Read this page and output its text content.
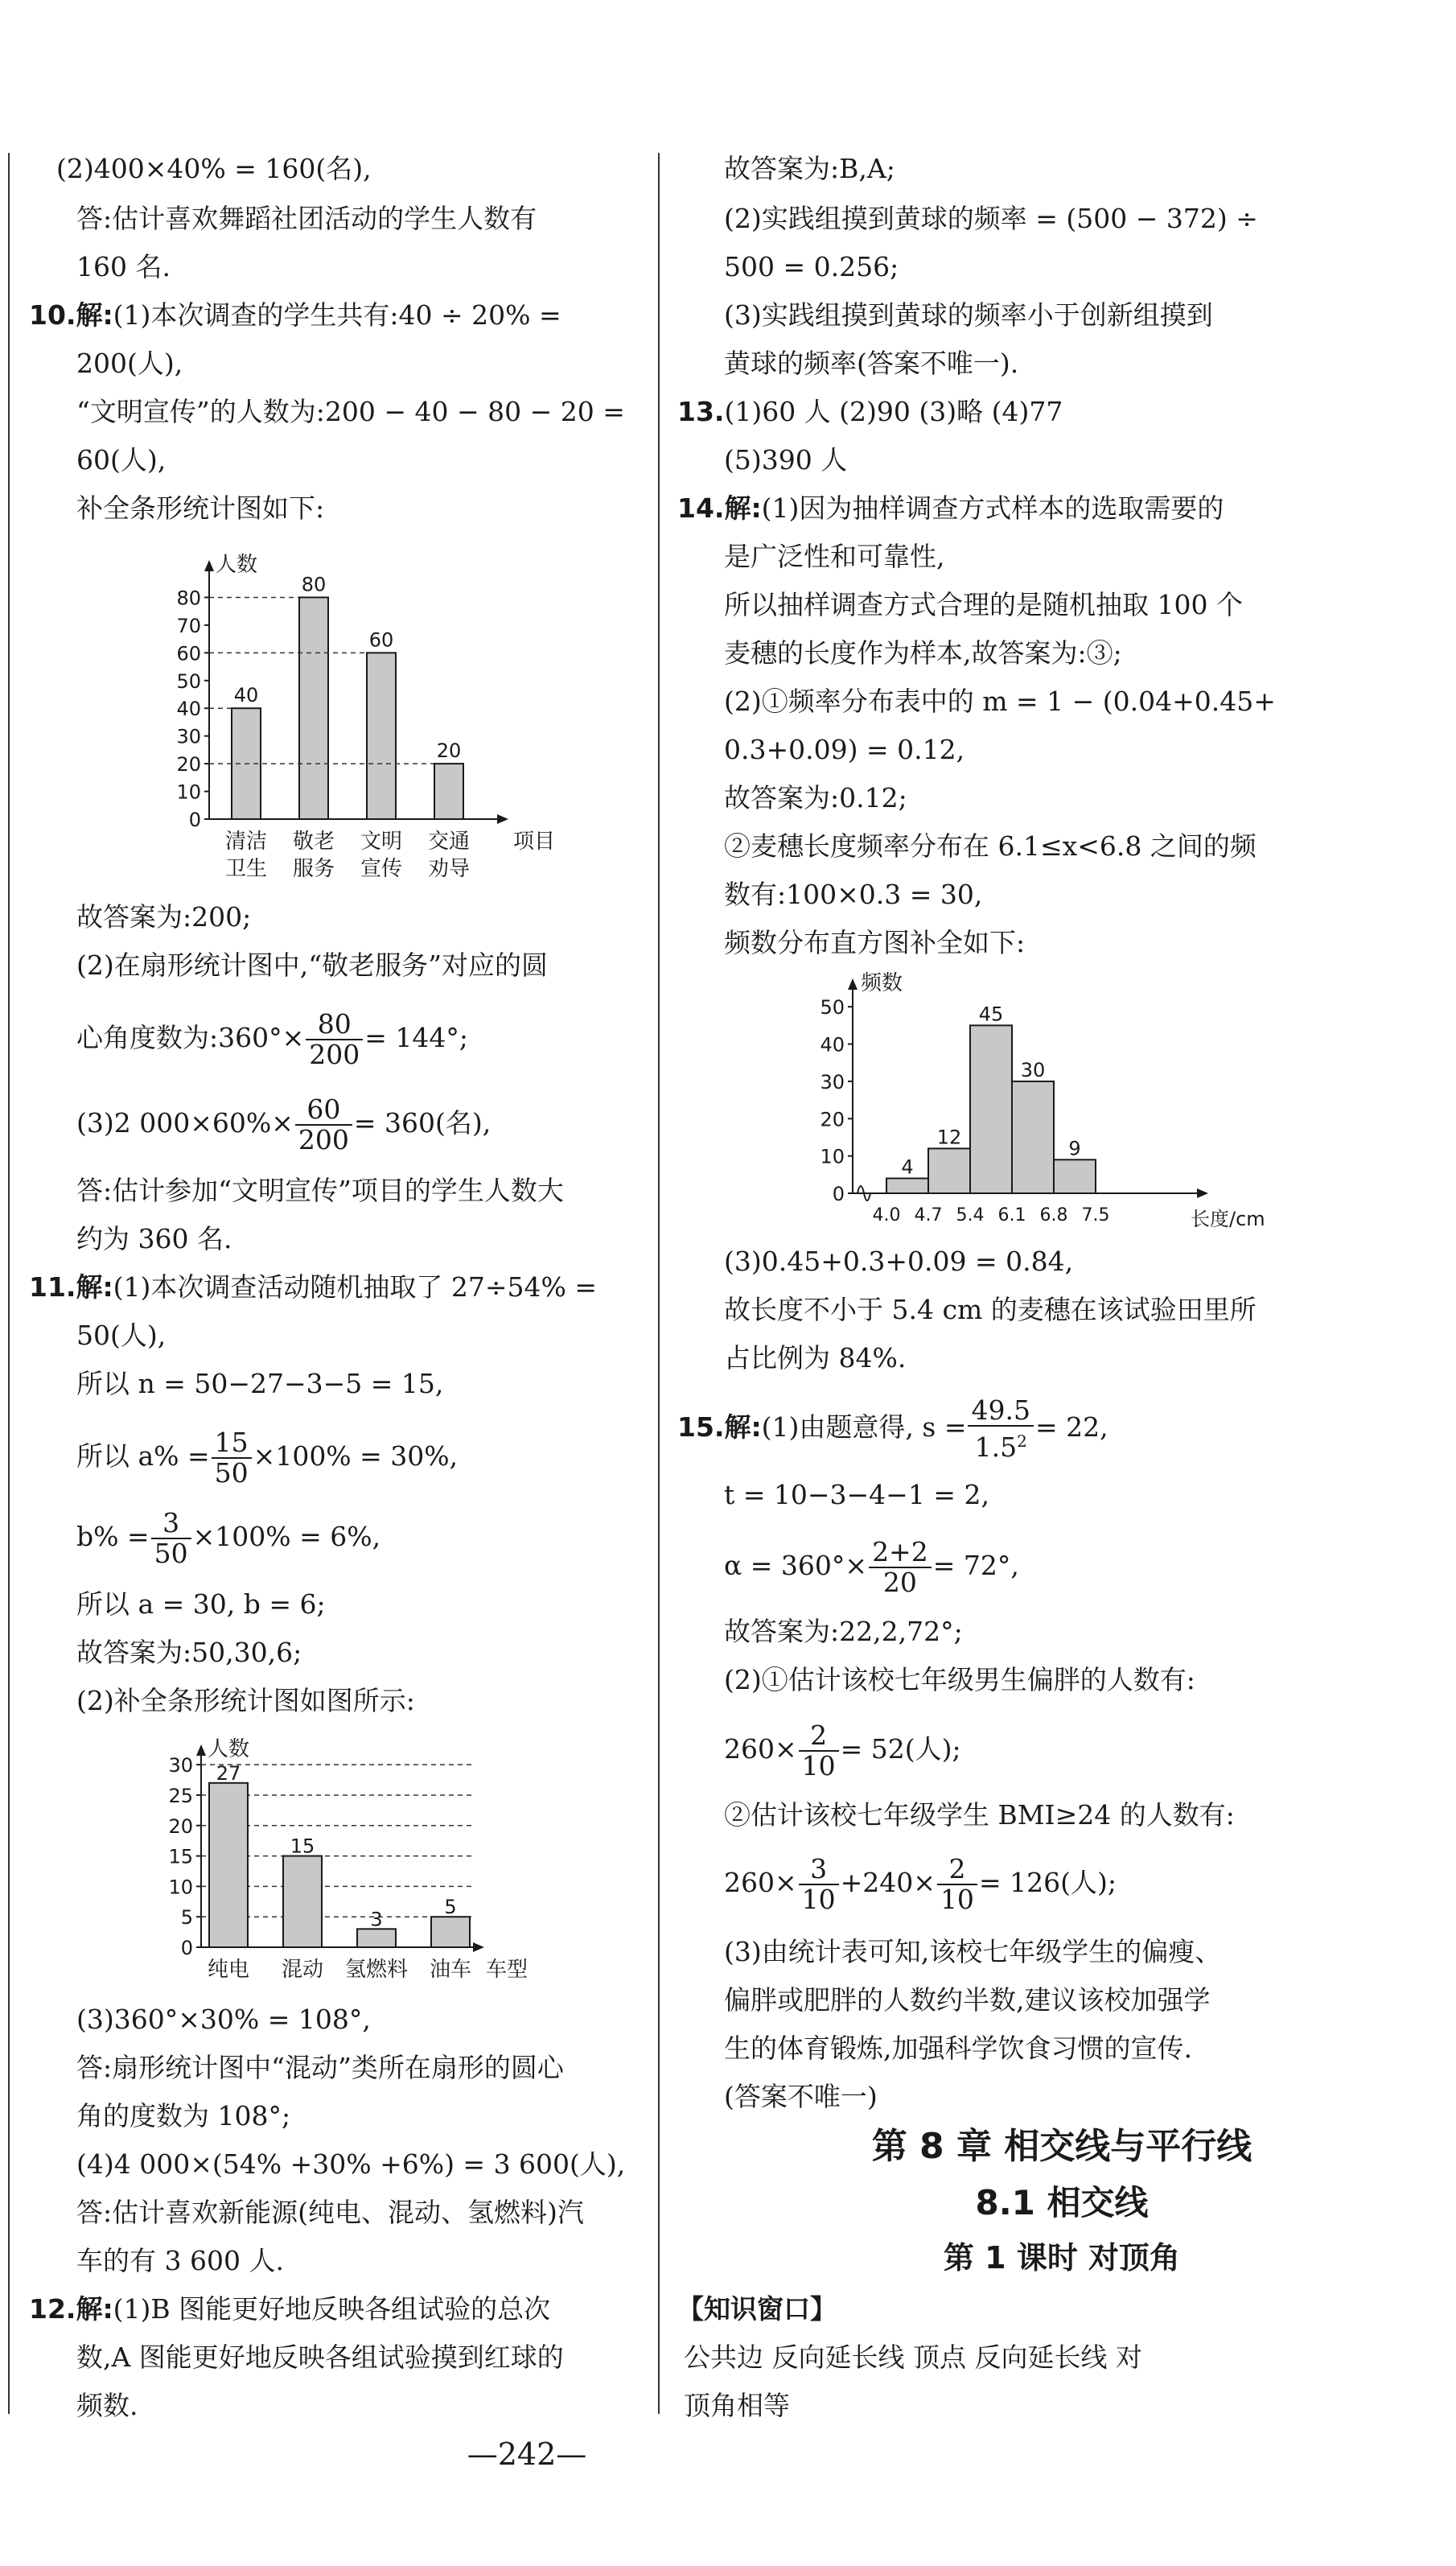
(2)400×40% = 160(名),
答:估计喜欢舞蹈社团活动的学生人数有
160 名.
10.解:(1)本次调查的学生共有:40 ÷ 20% =
200(人),
“文明宣传”的人数为:200 − 40 − 80 − 20 =
60(人),
补全条形统计图如下:
人数
项目
0
10
20
30
40
50
60
70
80
40
清洁
卫生
80
敬老
服务
60
文明
宣传
20
交通
劝导
故答案为:200;
(2)在扇形统计图中,“敬老服务”对应的圆
心角度数为:360°× $\frac{80}{200} = 144^\circ$;
(3)2 $000\times 60\%\times \frac{60}{200} = 360$(名),
答:估计参加“文明宣传”项目的学生人数大
约为 360 名.
11.解:(1)本次调查活动随机抽取了 27÷54% =
50(人),
所以 n = 50−27−3−5 = 15,
所以 $a\% = \frac{15}{50} \times 100\% = 30\%$,
$b\% = \frac{3}{50} \times 100\% = 6\%$,
所以 a = 30, b = 6;
故答案为:50,30,6;
(2)补全条形统计图如图所示:
人数
车型
0
5
10
15
20
25
30 27
纯电
15
混动
3
氢燃料
5
油车
(3)360°×30% = 108°,
答:扇形统计图中“混动”类所在扇形的圆心
角的度数为 108°;
(4)4 000×(54% +30% +6%) = 3 600(人),
答:估计喜欢新能源(纯电、混动、氢燃料)汽
车的有 3 600 人.
12.解:(1)B 图能更好地反映各组试验的总次
数,A 图能更好地反映各组试验摸到红球的
频数.
故答案为:B,A;
(2)实践组摸到黄球的频率 = (500 − 372) ÷
500 = 0.256;
(3)实践组摸到黄球的频率小于创新组摸到
黄球的频率(答案不唯一).
13.(1)60 人 (2)90 (3)略 (4)77
(5)390 人
14.解:(1)因为抽样调查方式样本的选取需要的
是广泛性和可靠性,
所以抽样调查方式合理的是随机抽取 100 个
麦穗的长度作为样本,故答案为:③;
(2)①频率分布表中的 m = 1 − (0.04+0.45+
0.3+0.09) = 0.12,
故答案为:0.12;
②麦穗长度频率分布在 6.1≤x<6.8 之间的频
数有:100×0.3 = 30,
频数分布直方图补全如下:
频数
长度/cm
0
10
20
30
40
50
4.0 4.7 5.4 6.1 6.8 7.5
4
12
45
30
9
(3)0.45+0.3+0.09 = 0.84,
故长度不小于 5.4 cm 的麦穗在该试验田里所
占比例为 84%.
15.解:(1)由题意得, $s = \frac{49.5}{1.5^2} = 22$,
t = 10−3−4−1 = 2,
$\alpha = 360^\circ\times \frac{2+2}{20} = 72^\circ$,
故答案为:22,2,72°;
(2)①估计该校七年级男生偏胖的人数有:
$260\times \frac{2}{10} = 52$(人);
②估计该校七年级学生 BMI≥24 的人数有:
$260\times \frac{3}{10} +240\times \frac{2}{10} = 126$(人);
(3)由统计表可知,该校七年级学生的偏瘦、
偏胖或肥胖的人数约半数,建议该校加强学
生的体育锻炼,加强科学饮食习惯的宣传.
(答案不唯一)
第 8 章 相交线与平行线
8.1 相交线
第 1 课时 对顶角
【知识窗口】
公共边 反向延长线 顶点 反向延长线 对
顶角相等
—242—
